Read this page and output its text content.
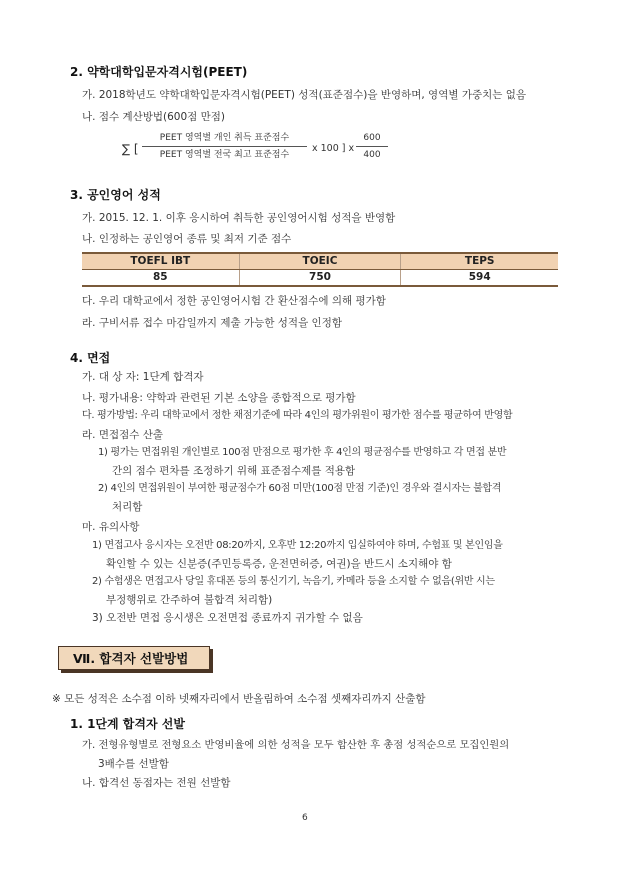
2. 약학대학입문자격시험(PEET)
가. 2018학년도 약학대학입문자격시험(PEET) 성적(표준점수)을 반영하며, 영역별 가중치는 없음
나. 점수 계산방법(600점 만점)
∑ [
PEET 영역별 개인 취득 표준점수
PEET 영역별 전국 최고 표준점수
x 100 ] x
600
400
3. 공인영어 성적
가. 2015. 12. 1. 이후 응시하여 취득한 공인영어시험 성적을 반영함
나. 인정하는 공인영어 종류 및 최저 기준 점수
TOEFL IBT	TOEIC	TEPS
85	750	594
다. 우리 대학교에서 정한 공인영어시험 간 환산점수에 의해 평가함
라. 구비서류 접수 마감일까지 제출 가능한 성적을 인정함
4. 면접
가. 대 상 자: 1단계 합격자
나. 평가내용: 약학과 관련된 기본 소양을 종합적으로 평가함
다. 평가방법: 우리 대학교에서 정한 채점기준에 따라 4인의 평가위원이 평가한 점수를 평균하여 반영함
라. 면접점수 산출
1) 평가는 면접위원 개인별로 100점 만점으로 평가한 후 4인의 평균점수를 반영하고 각 면접 분반
간의 점수 편차를 조정하기 위해 표준점수제를 적용함
2) 4인의 면접위원이 부여한 평균점수가 60점 미만(100점 만점 기준)인 경우와 결시자는 불합격
처리함
마. 유의사항
1) 면접고사 응시자는 오전반 08:20까지, 오후반 12:20까지 입실하여야 하며, 수험표 및 본인임을
확인할 수 있는 신분증(주민등록증, 운전면허증, 여권)을 반드시 소지해야 함
2) 수험생은 면접고사 당일 휴대폰 등의 통신기기, 녹음기, 카메라 등을 소지할 수 없음(위반 시는
부정행위로 간주하여 불합격 처리함)
3) 오전반 면접 응시생은 오전면접 종료까지 귀가할 수 없음
Ⅶ. 합격자 선발방법
※ 모든 성적은 소수점 이하 넷째자리에서 반올림하여 소수점 셋째자리까지 산출함
1. 1단계 합격자 선발
가. 전형유형별로 전형요소 반영비율에 의한 성적을 모두 합산한 후 총점 성적순으로 모집인원의
3배수를 선발함
나. 합격선 동점자는 전원 선발함
6
